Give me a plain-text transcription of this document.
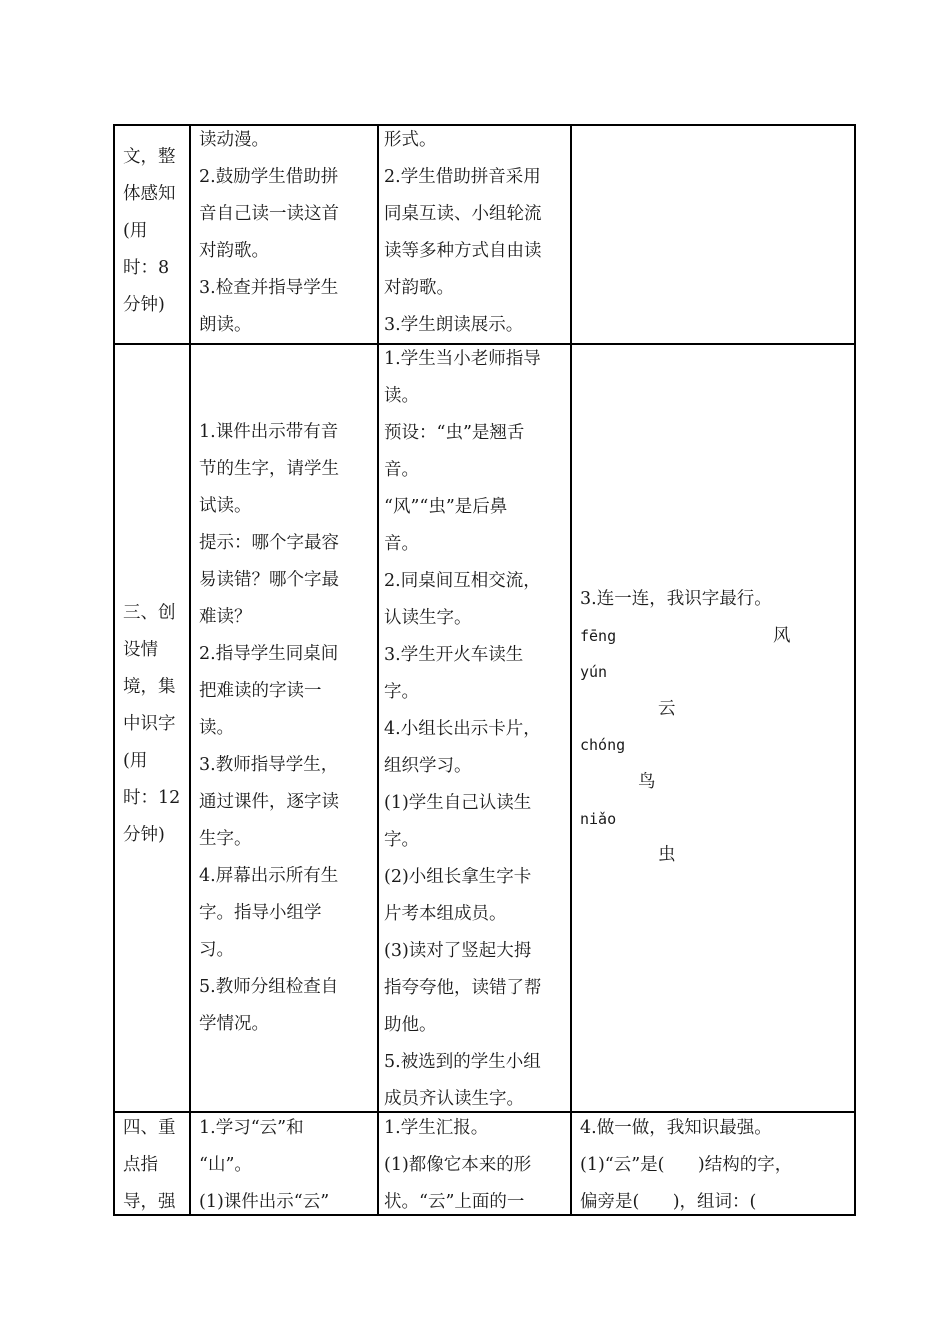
文，整
体感知
(用
时：8
分钟)
读动漫。
2.鼓励学生借助拼
音自己读一读这首
对韵歌。
3.检查并指导学生
朗读。
形式。
2.学生借助拼音采用
同桌互读、小组轮流
读等多种方式自由读
对韵歌。
3.学生朗读展示。
三、创
设情
境，集
中识字
(用
时：12
分钟)
1.课件出示带有音
节的生字，请学生
试读。
提示：哪个字最容
易读错？哪个字最
难读？
2.指导学生同桌间
把难读的字读一
读。
3.教师指导学生，
通过课件，逐字读
生字。
4.屏幕出示所有生
字。指导小组学
习。
5.教师分组检查自
学情况。
1.学生当小老师指导
读。
预设：“虫”是翘舌
音。
“风”“虫”是后鼻
音。
2.同桌间互相交流，
认读生字。
3.学生开火车读生
字。
4.小组长出示卡片，
组织学习。
(1)学生自己认读生
字。
(2)小组长拿生字卡
片考本组成员。
(3)读对了竖起大拇
指夸夸他，读错了帮
助他。
5.被选到的学生小组
成员齐认读生字。
3.连一连，我识字最行。
fēng
yún
chóng
niǎo
风
云
鸟
虫
四、重
点指
导，强
1.学习“云”和
“山”。
(1)课件出示“云”
1.学生汇报。
(1)都像它本来的形
状。“云”上面的一
4.做一做，我知识最强。
(1)“云”是(      )结构的字，
偏旁是(      )，组词：(
